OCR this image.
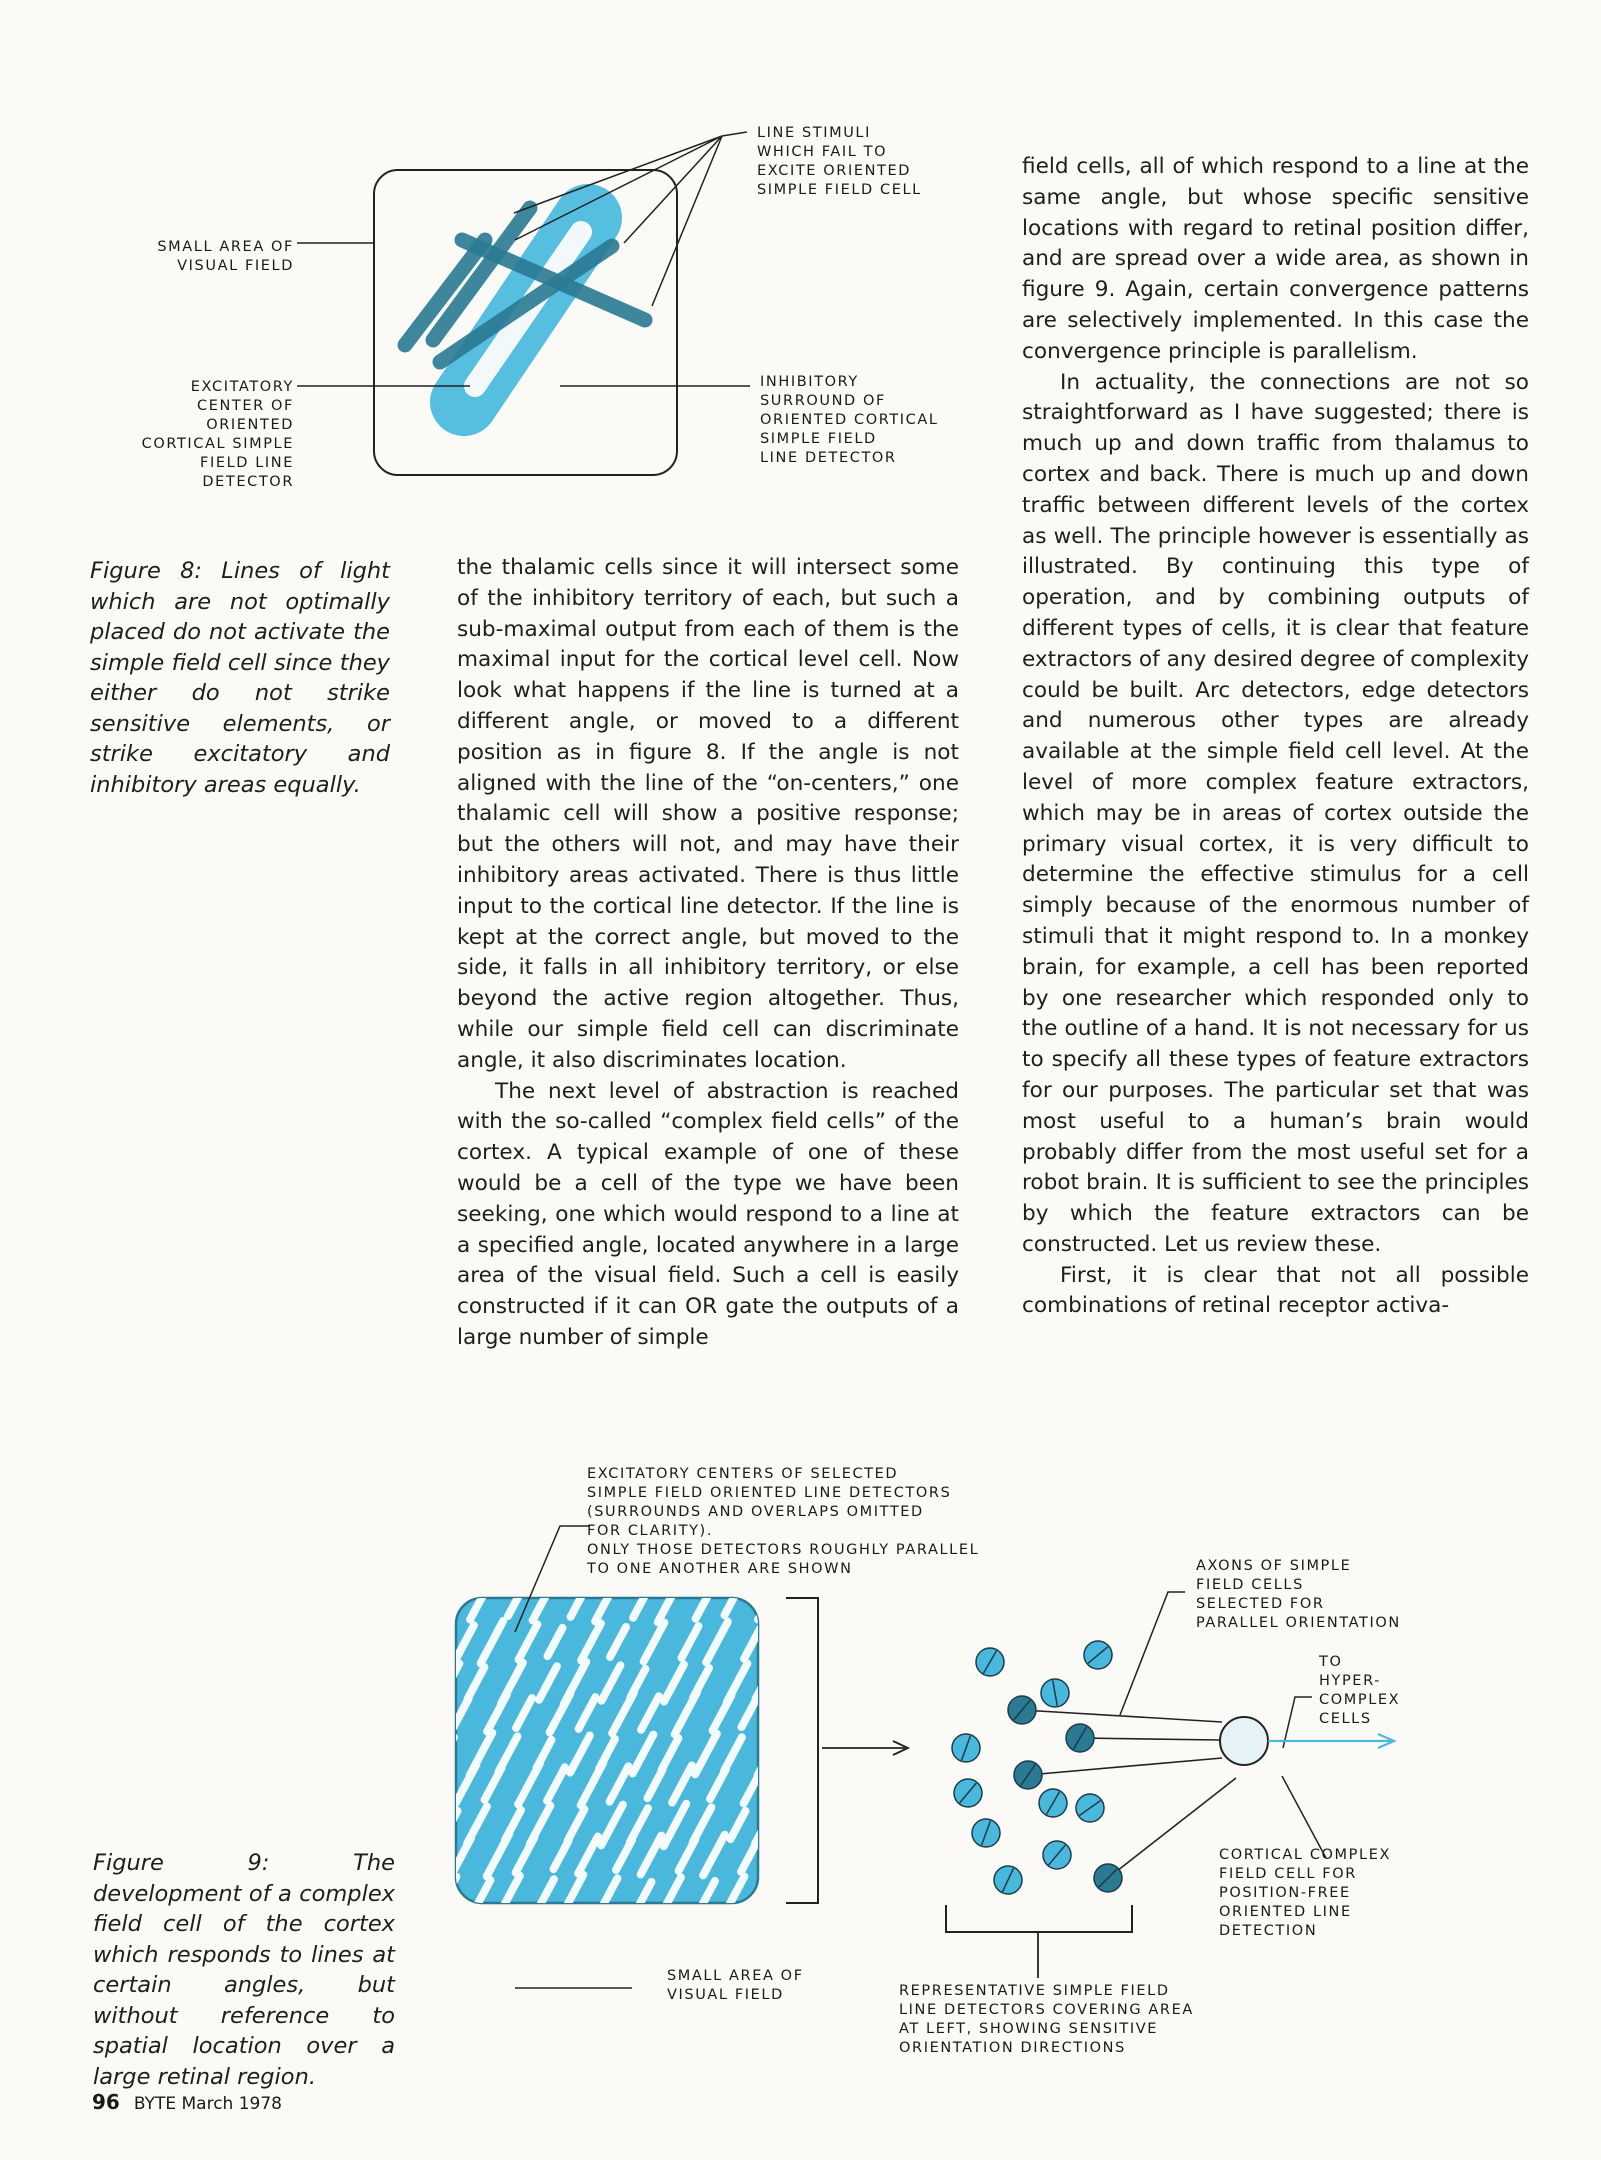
LINE STIMULI
WHICH FAIL TO
EXCITE ORIENTED
SIMPLE FIELD CELL
SMALL AREA OF
VISUAL FIELD
EXCITATORY
CENTER OF
ORIENTED
CORTICAL SIMPLE
FIELD LINE
DETECTOR
INHIBITORY
SURROUND OF
ORIENTED CORTICAL
SIMPLE FIELD
LINE DETECTOR
Figure 8: Lines of light which are not optimally placed do not activate the simple field cell since they either do not strike sensitive elements, or strike excitatory and inhibitory areas equally.

the thalamic cells since it will intersect some of the inhibitory territory of each, but such a sub-maximal output from each of them is the maximal input for the cortical level cell. Now look what happens if the line is turned at a different angle, or moved to a different position as in figure 8. If the angle is not aligned with the line of the “on-centers,” one thalamic cell will show a positive response; but the others will not, and may have their inhibitory areas activated. There is thus little input to the cortical line detector. If the line is kept at the correct angle, but moved to the side, it falls in all inhibitory territory, or else beyond the active region altogether. Thus, while our simple field cell can discriminate angle, it also discriminates location.

The next level of abstraction is reached with the so-called “complex field cells” of the cortex. A typical example of one of these would be a cell of the type we have been seeking, one which would respond to a line at a specified angle, located anywhere in a large area of the visual field. Such a cell is easily constructed if it can OR gate the outputs of a large number of simple

field cells, all of which respond to a line at the same angle, but whose specific sensitive locations with regard to retinal position differ, and are spread over a wide area, as shown in figure 9. Again, certain convergence patterns are selectively implemented. In this case the convergence principle is parallelism.

In actuality, the connections are not so straightforward as I have suggested; there is much up and down traffic from thalamus to cortex and back. There is much up and down traffic between different levels of the cortex as well. The principle however is essentially as illustrated. By continuing this type of operation, and by combining outputs of different types of cells, it is clear that feature extractors of any desired degree of complexity could be built. Arc detectors, edge detectors and numerous other types are already available at the simple field cell level. At the level of more complex feature extractors, which may be in areas of cortex outside the primary visual cortex, it is very difficult to determine the effective stimulus for a cell simply because of the enormous number of stimuli that it might respond to. In a monkey brain, for example, a cell has been reported by one researcher which responded only to the outline of a hand. It is not necessary for us to specify all these types of feature extractors for our purposes. The particular set that was most useful to a human’s brain would probably differ from the most useful set for a robot brain. It is sufficient to see the principles by which the feature extractors can be constructed. Let us review these.

First, it is clear that not all possible combinations of retinal receptor activa-

EXCITATORY CENTERS OF SELECTED
SIMPLE FIELD ORIENTED LINE DETECTORS
(SURROUNDS AND OVERLAPS OMITTED
FOR CLARITY).
ONLY THOSE DETECTORS ROUGHLY PARALLEL
TO ONE ANOTHER ARE SHOWN	AXONS OF SIMPLE
FIELD CELLS
SELECTED FOR
PARALLEL ORIENTATION
TO
HYPER-
COMPLEX
CELLS
CORTICAL COMPLEX
FIELD CELL FOR
POSITION-FREE
ORIENTED LINE
DETECTION
SMALL AREA OF
VISUAL FIELD	REPRESENTATIVE SIMPLE FIELD
LINE DETECTORS COVERING AREA
AT LEFT, SHOWING SENSITIVE
ORIENTATION DIRECTIONS
Figure 9: The development of a complex field cell of the cortex which responds to lines at certain angles, but without reference to spatial location over a large retinal region.
96 BYTE March 1978
